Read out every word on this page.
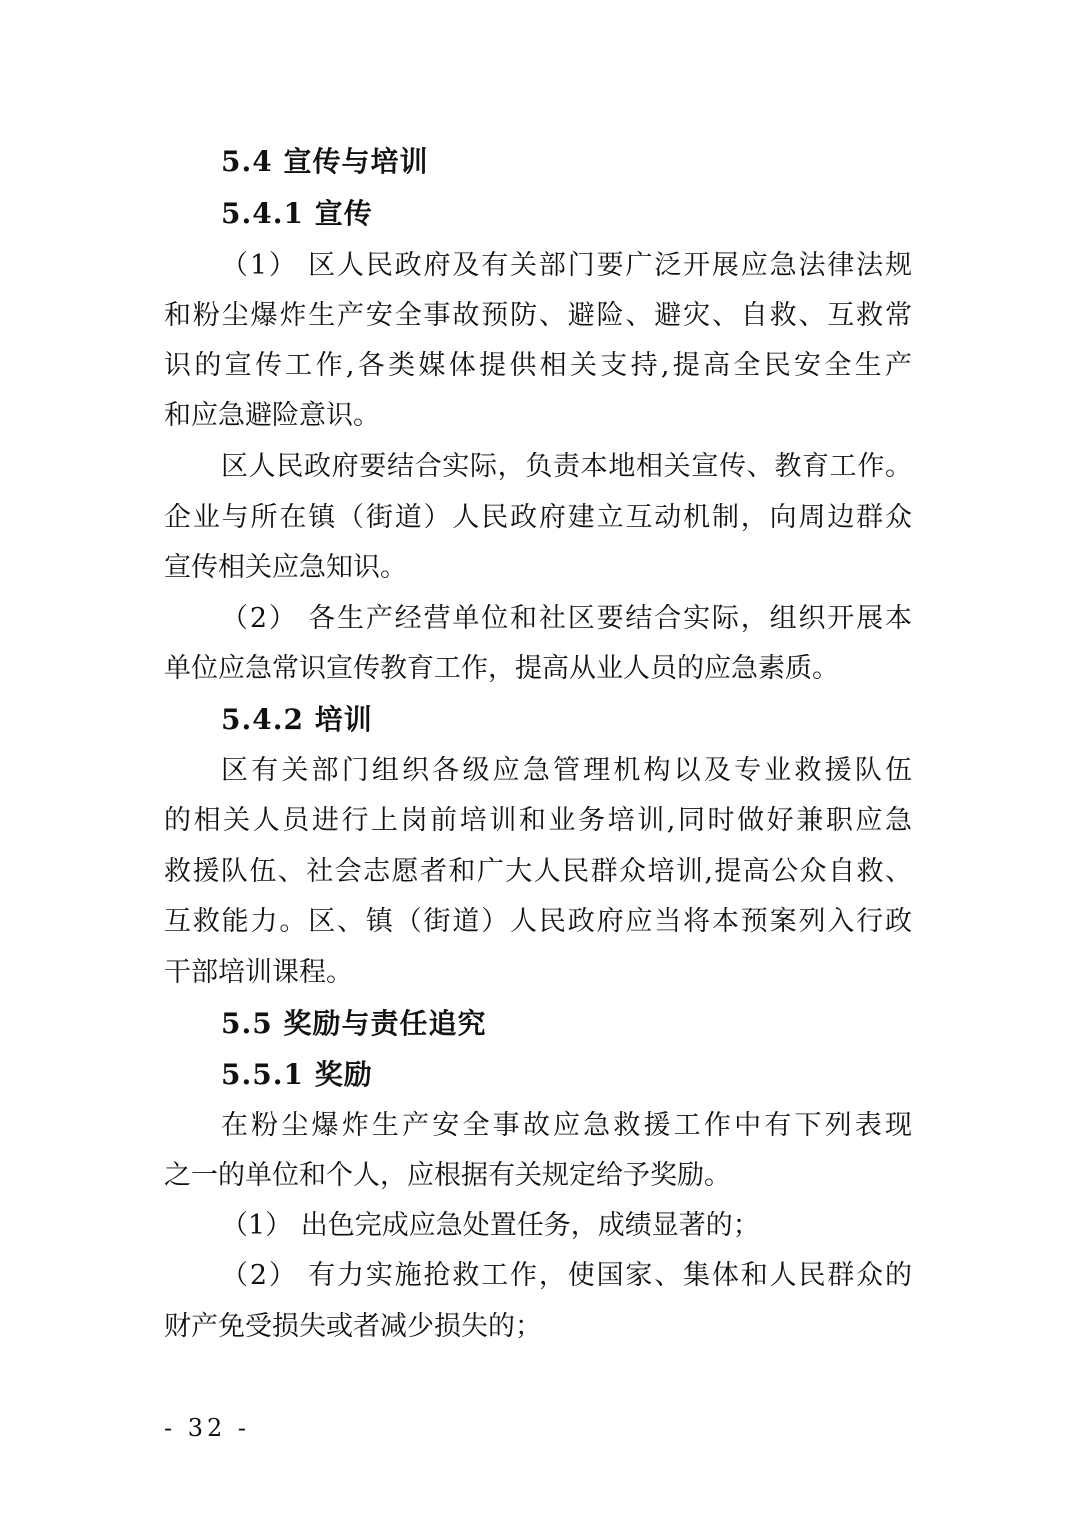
5.4 宣传与培训
5.4.1 宣传
（1） 区人民政府及有关部门要广泛开展应急法律法规
和粉尘爆炸生产安全事故预防、避险、避灾、自救、互救常
识的宣传工作,各类媒体提供相关支持,提高全民安全生产
和应急避险意识。
区人民政府要结合实际，负责本地相关宣传、教育工作。
企业与所在镇（街道）人民政府建立互动机制，向周边群众
宣传相关应急知识。
（2） 各生产经营单位和社区要结合实际，组织开展本
单位应急常识宣传教育工作，提高从业人员的应急素质。
5.4.2 培训
区有关部门组织各级应急管理机构以及专业救援队伍
的相关人员进行上岗前培训和业务培训,同时做好兼职应急
救援队伍、社会志愿者和广大人民群众培训,提高公众自救、
互救能力。区、镇（街道）人民政府应当将本预案列入行政
干部培训课程。
5.5 奖励与责任追究
5.5.1 奖励
在粉尘爆炸生产安全事故应急救援工作中有下列表现
之一的单位和个人，应根据有关规定给予奖励。
（1） 出色完成应急处置任务，成绩显著的；
（2） 有力实施抢救工作，使国家、集体和人民群众的
财产免受损失或者减少损失的；
- 32 -
